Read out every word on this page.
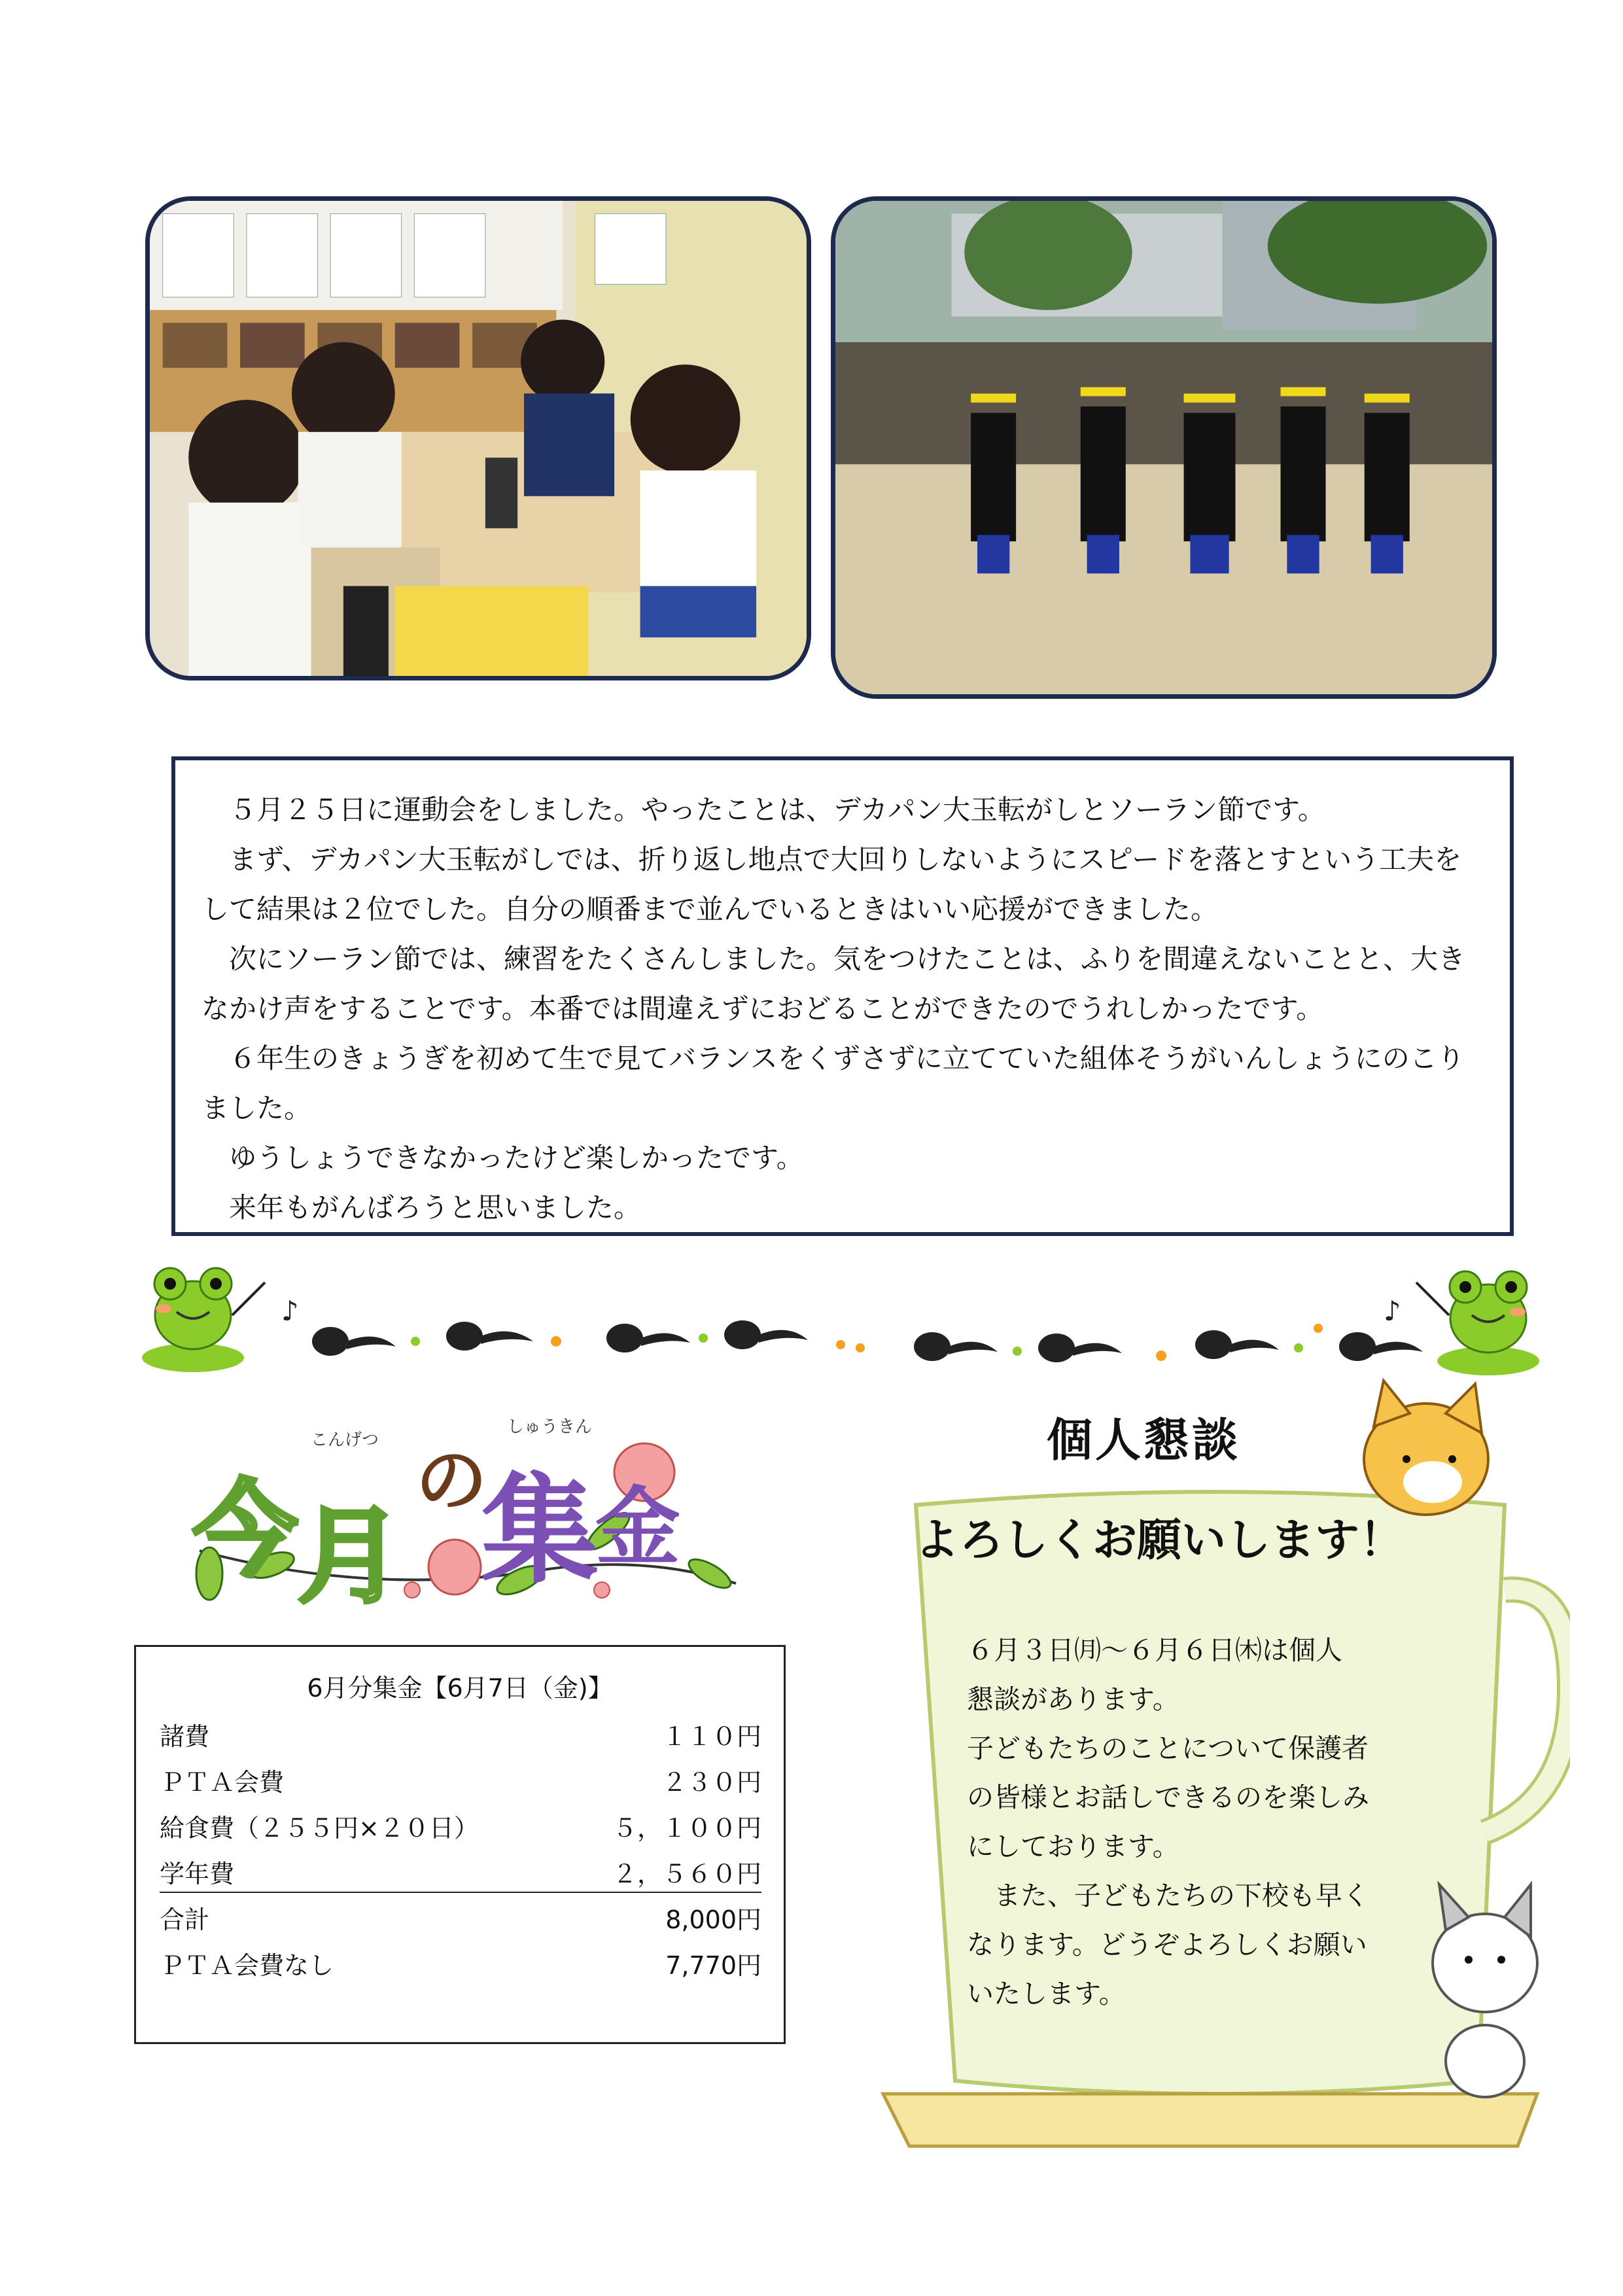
　５月２５日に運動会をしました。やったことは、デカパン大玉転がしとソーラン節です。

　まず、デカパン大玉転がしでは、折り返し地点で大回りしないようにスピードを落とすという工夫をして結果は２位でした。自分の順番まで並んでいるときはいい応援ができました。

　次にソーラン節では、練習をたくさんしました。気をつけたことは、ふりを間違えないことと、大きなかけ声をすることです。本番では間違えずにおどることができたのでうれしかったです。

　６年生のきょうぎを初めて生で見てバランスをくずさずに立てていた組体そうがいんしょうにのこりました。

　ゆうしょうできなかったけど楽しかったです。

　来年もがんばろうと思いました。

♪	♪
こんげつ
しゅうきん
今 月
の
集
金
6月分集金【6月7日（金)】
諸費	１１０円
ＰＴＡ会費	２３０円
給食費（２５５円×２０日）	５，１００円
学年費	２，５６０円
合計	8,000円
ＰＴＡ会費なし	7,770円
個人懇談
よろしくお願いします！

６月３日㈪～６月６日㈭は個人

懇談があります。

子どもたちのことについて保護者

の皆様とお話しできるのを楽しみ

にしております。

　また、子どもたちの下校も早く

なります。どうぞよろしくお願い

いたします。
